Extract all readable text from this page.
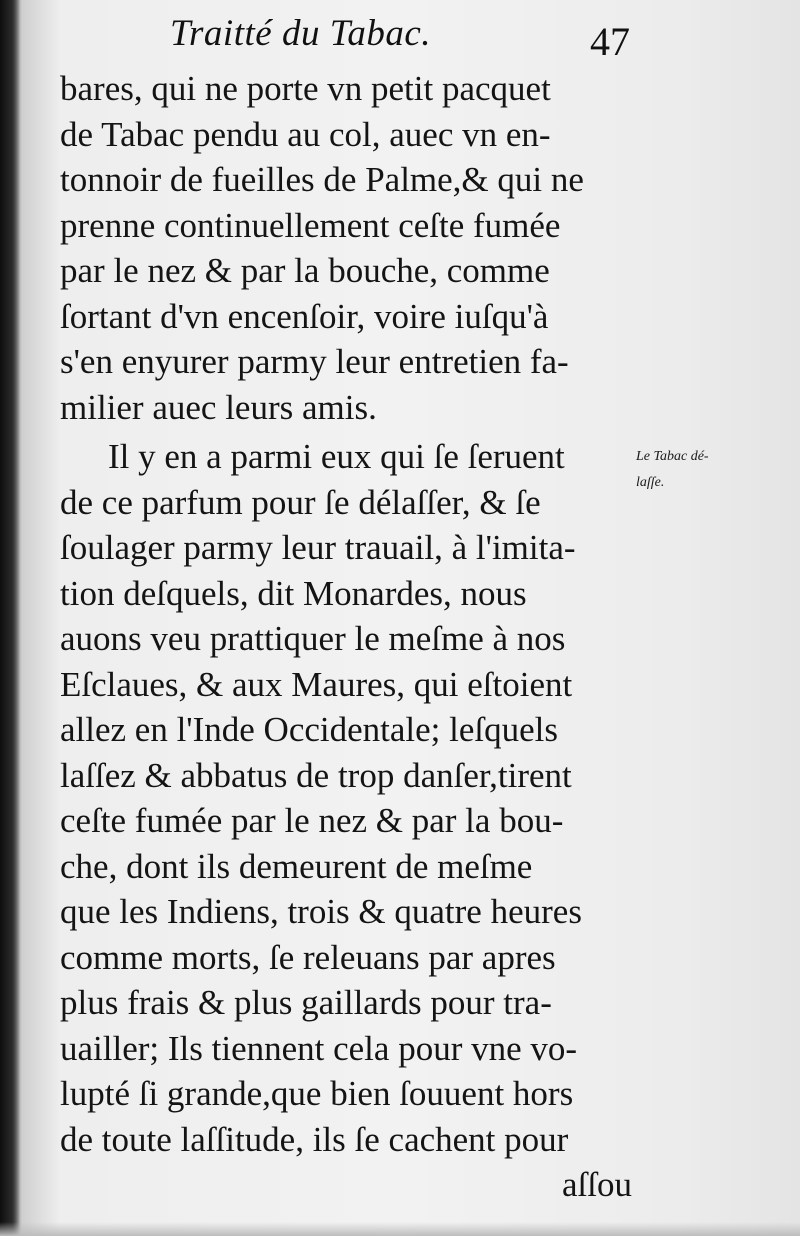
Traitté du Tabac.	47
bares, qui ne porte vn petit pacquet
de Tabac pendu au col, auec vn en-
tonnoir de fueilles de Palme,& qui ne
prenne continuellement ceſte fumée
par le nez & par la bouche, comme
ſortant d'vn encenſoir, voire iuſqu'à
s'en enyurer parmy leur entretien fa-
milier auec leurs amis.
Il y en a parmi eux qui ſe ſeruent
de ce parfum pour ſe délaſſer, & ſe
ſoulager parmy leur trauail, à l'imita-
tion deſquels, dit Monardes, nous
auons veu prattiquer le meſme à nos
Eſclaues, & aux Maures, qui eſtoient
allez en l'Inde Occidentale; leſquels
laſſez & abbatus de trop danſer,tirent
ceſte fumée par le nez & par la bou-
che, dont ils demeurent de meſme
que les Indiens, trois & quatre heures
comme morts, ſe releuans par apres
plus frais & plus gaillards pour tra-
uailler; Ils tiennent cela pour vne vo-
lupté ſi grande,que bien ſouuent hors
de toute laſſitude, ils ſe cachent pour
aſſou
Le Tabac dé-
laſſe.
